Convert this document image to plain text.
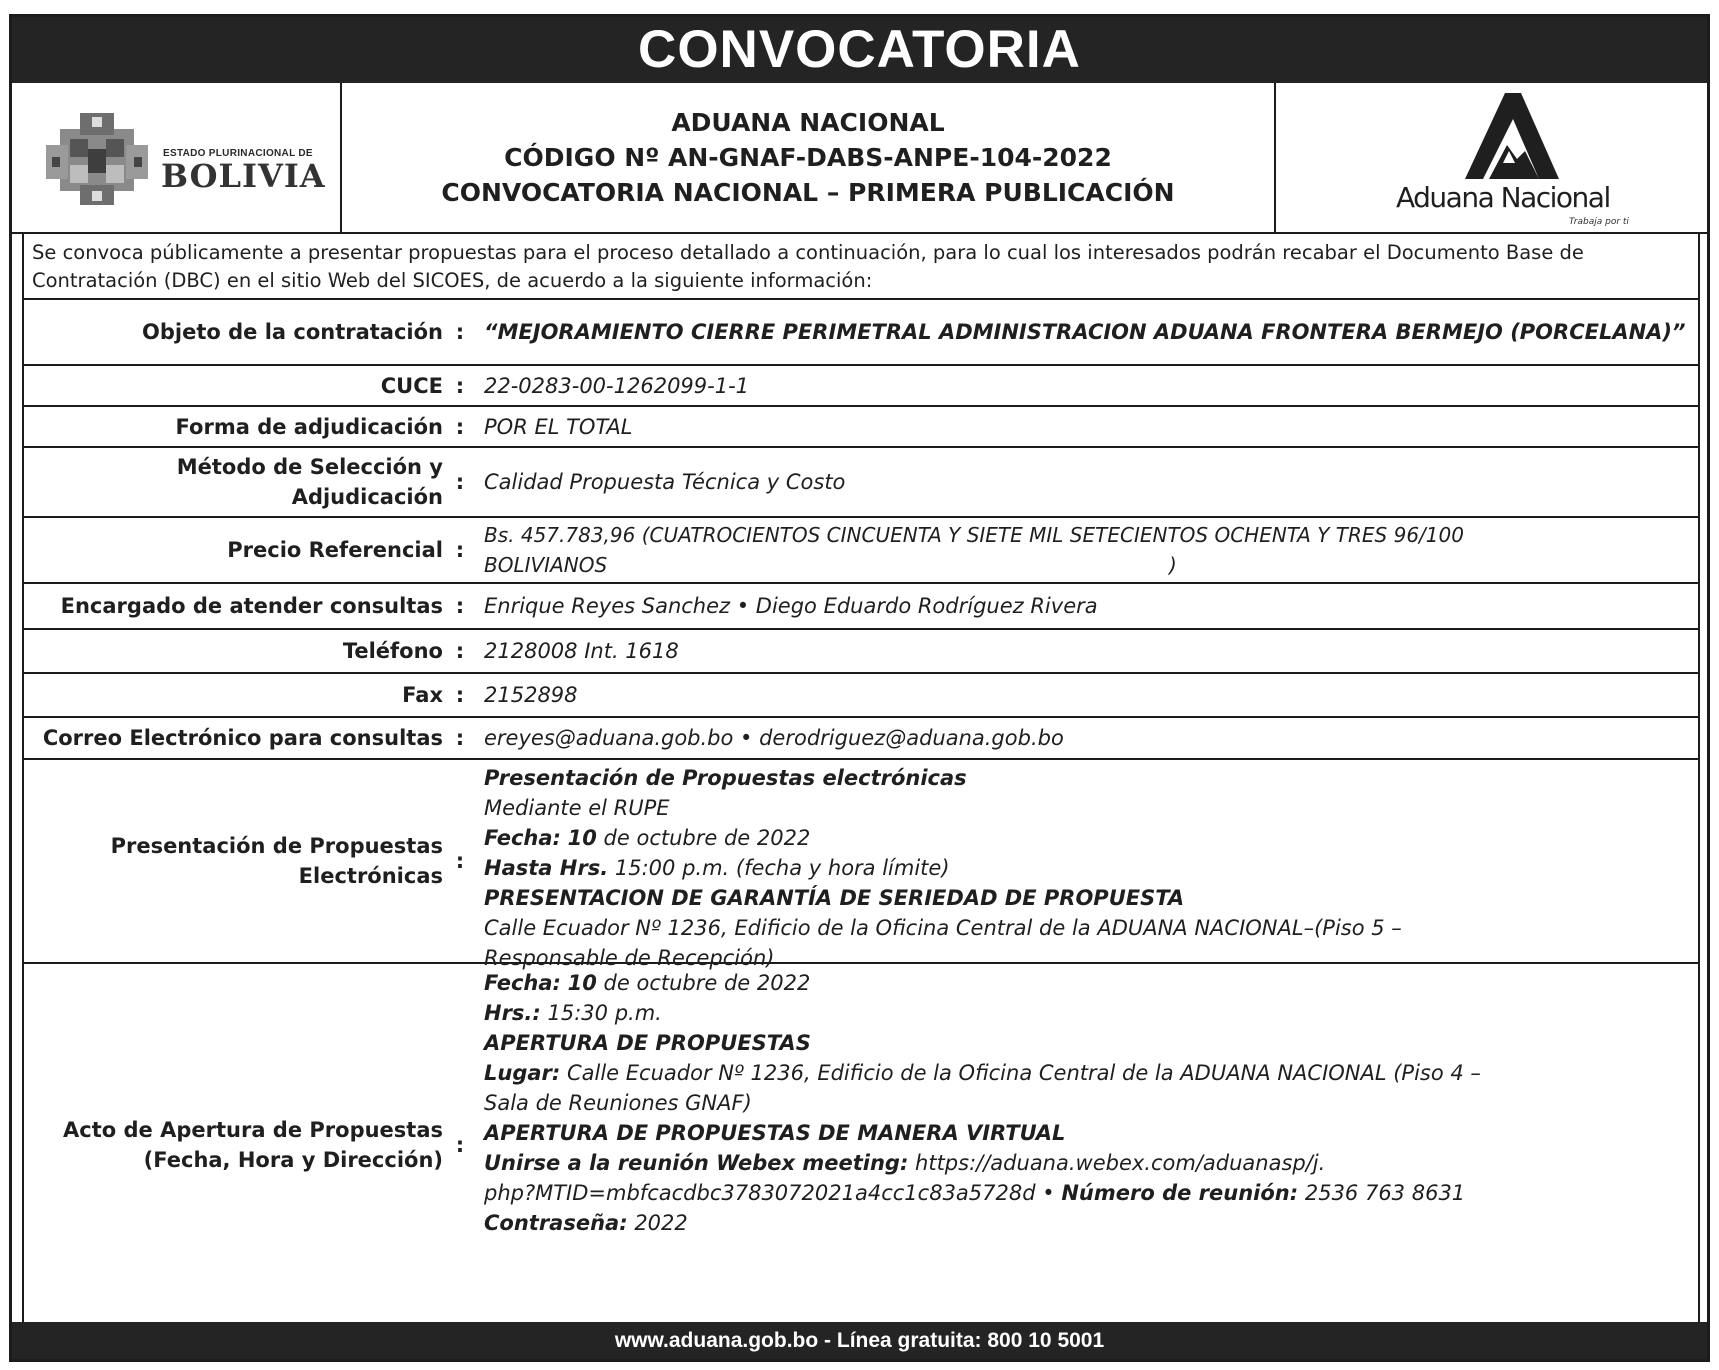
CONVOCATORIA
ESTADO PLURINACIONAL DE
BOLIVIA
ADUANA NACIONAL
CÓDIGO Nº AN-GNAF-DABS-ANPE-104-2022
CONVOCATORIA NACIONAL – PRIMERA PUBLICACIÓN	Aduana Nacional
Trabaja por ti
Se convoca públicamente a presentar propuestas para el proceso detallado a continuación, para lo cual los interesados podrán recabar el Documento Base de Contratación (DBC) en el sitio Web del SICOES, de acuerdo a la siguiente información:
Objeto de la contratación : “MEJORAMIENTO CIERRE PERIMETRAL ADMINISTRACION ADUANA FRONTERA BERMEJO (PORCELANA)”
CUCE : 22-0283-00-1262099-1-1
Forma de adjudicación : POR EL TOTAL
Método de Selección y Adjudicación
: Calidad Propuesta Técnica y Costo
Precio Referencial :
Bs. 457.783,96 (CUATROCIENTOS CINCUENTA Y SIETE MIL SETECIENTOS OCHENTA Y TRES 96/100
BOLIVIANOS	)
Encargado de atender consultas : Enrique Reyes Sanchez • Diego Eduardo Rodríguez Rivera
Teléfono : 2128008 Int. 1618
Fax : 2152898
Correo Electrónico para consultas : ereyes@aduana.gob.bo • derodriguez@aduana.gob.bo
Presentación de Propuestas Electrónicas
:
Presentación de Propuestas electrónicas
Mediante el RUPE
Fecha: 10 de octubre de 2022
Hasta Hrs. 15:00 p.m. (fecha y hora límite)
PRESENTACION DE GARANTÍA DE SERIEDAD DE PROPUESTA
Calle Ecuador Nº 1236, Edificio de la Oficina Central de la ADUANA NACIONAL–(Piso 5 –
Responsable de Recepción)
Acto de Apertura de Propuestas
(Fecha, Hora y Dirección)
:
Fecha: 10 de octubre de 2022
Hrs.: 15:30 p.m.
APERTURA DE PROPUESTAS
Lugar: Calle Ecuador Nº 1236, Edificio de la Oficina Central de la ADUANA NACIONAL (Piso 4 –
Sala de Reuniones GNAF)
APERTURA DE PROPUESTAS DE MANERA VIRTUAL
Unirse a la reunión Webex meeting: https://aduana.webex.com/aduanasp/j.
php?MTID=mbfcacdbc3783072021a4cc1c83a5728d • Número de reunión: 2536 763 8631
Contraseña: 2022
www.aduana.gob.bo - Línea gratuita: 800 10 5001
